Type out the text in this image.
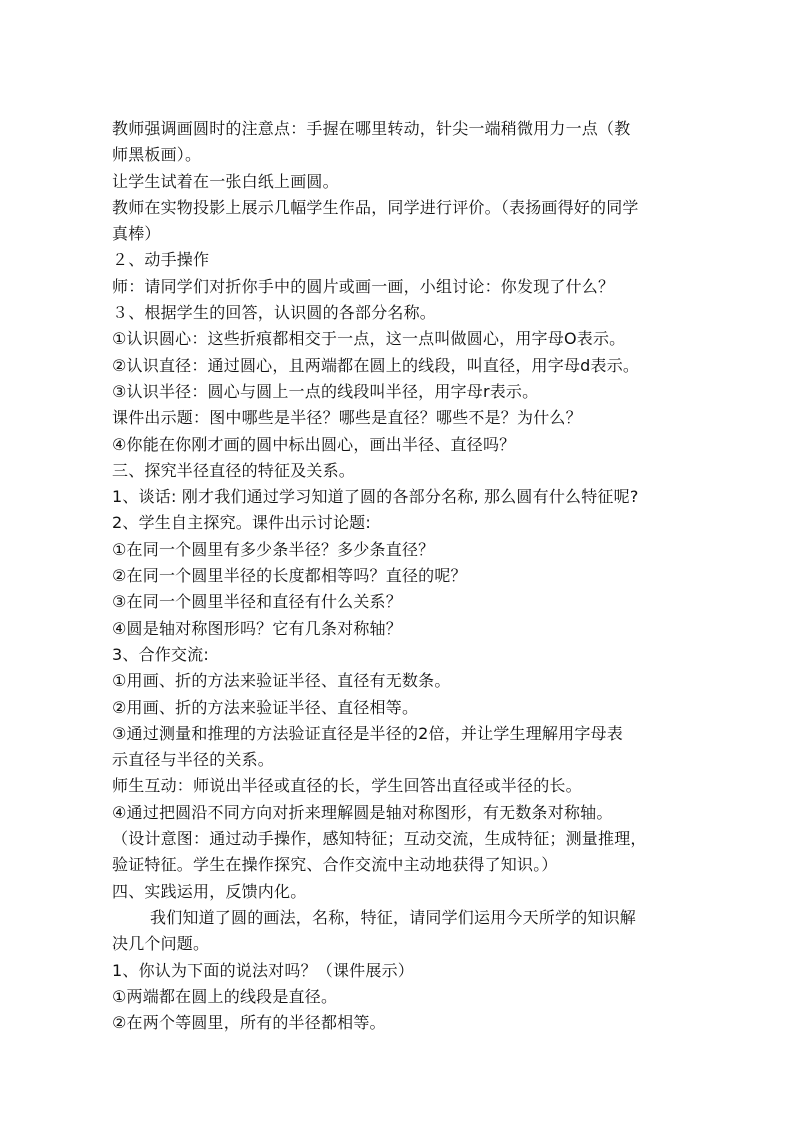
教师强调画圆时的注意点：手握在哪里转动，针尖一端稍微用力一点（教
师黑板画）。
让学生试着在一张白纸上画圆。
教师在实物投影上展示几幅学生作品，同学进行评价。（表扬画得好的同学
真棒）
２、动手操作
师：请同学们对折你手中的圆片或画一画，小组讨论：你发现了什么？
３、根据学生的回答，认识圆的各部分名称。
①认识圆心：这些折痕都相交于一点，这一点叫做圆心，用字母O表示。
②认识直径：通过圆心，且两端都在圆上的线段，叫直径，用字母d表示。
③认识半径：圆心与圆上一点的线段叫半径，用字母r表示。
课件出示题：图中哪些是半径？哪些是直径？哪些不是？为什么？
④你能在你刚才画的圆中标出圆心，画出半径、直径吗？
三、探究半径直径的特征及关系。
1、谈话: 刚才我们通过学习知道了圆的各部分名称, 那么圆有什么特征呢?
2、学生自主探究。课件出示讨论题:
①在同一个圆里有多少条半径？多少条直径？
②在同一个圆里半径的长度都相等吗？直径的呢？
③在同一个圆里半径和直径有什么关系？
④圆是轴对称图形吗？它有几条对称轴？
3、合作交流:
①用画、折的方法来验证半径、直径有无数条。
②用画、折的方法来验证半径、直径相等。
③通过测量和推理的方法验证直径是半径的2倍，并让学生理解用字母表
示直径与半径的关系。
师生互动：师说出半径或直径的长，学生回答出直径或半径的长。
④通过把圆沿不同方向对折来理解圆是轴对称图形，有无数条对称轴。
（设计意图：通过动手操作，感知特征；互动交流，生成特征；测量推理，
验证特征。学生在操作探究、合作交流中主动地获得了知识。）
四、实践运用，反馈内化。
我们知道了圆的画法，名称，特征，请同学们运用今天所学的知识解
决几个问题。
1、你认为下面的说法对吗？（课件展示）
①两端都在圆上的线段是直径。
②在两个等圆里，所有的半径都相等。
